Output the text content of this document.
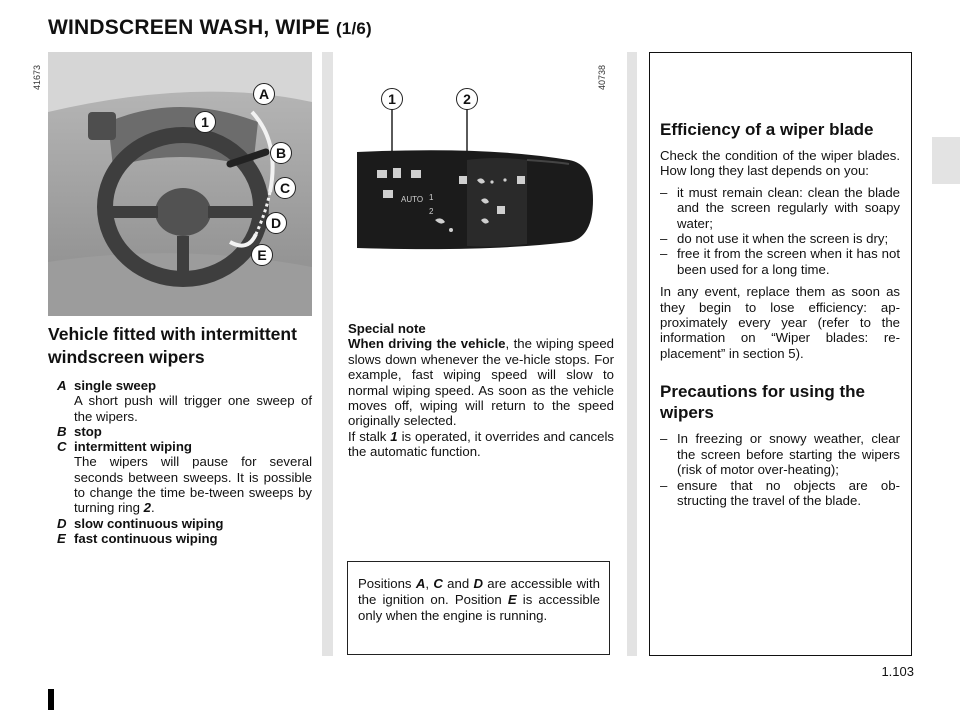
WINDSCREEN WASH, WIPE (1/6)
A
1
B
C
D
E
41673
AUTO 1
2
1	2
40738
Vehicle fitted with intermittent windscreen wipers
A single sweep
A short push will trigger one sweep of the wipers.
B stop
C intermittent wiping
The wipers will pause for several seconds between sweeps. It is possible to change the time be-tween sweeps by turning ring 2.
D slow continuous wiping
E fast continuous wiping
Special note
When driving the vehicle, the wiping speed slows down whenever the ve-hicle stops. For example, fast wiping speed will slow to normal wiping speed. As soon as the vehicle moves off, wiping will return to the speed originally selected.
If stalk 1 is operated, it overrides and cancels the automatic function.
Positions A, C and D are accessible with the ignition on. Position E is accessible only when the engine is running.
Efficiency of a wiper blade

Check the condition of the wiper blades. How long they last depends on you:

– it must remain clean: clean the blade and the screen regularly with soapy water;
– do not use it when the screen is dry;
– free it from the screen when it has not been used for a long time.

In any event, replace them as soon as they begin to lose efficiency: ap-proximately every year (refer to the information on “Wiper blades: re-placement” in section 5).

Precautions for using the wipers
– In freezing or snowy weather, clear the screen before starting the wipers (risk of motor over-heating);
– ensure that no objects are ob-structing the travel of the blade.
1.103
